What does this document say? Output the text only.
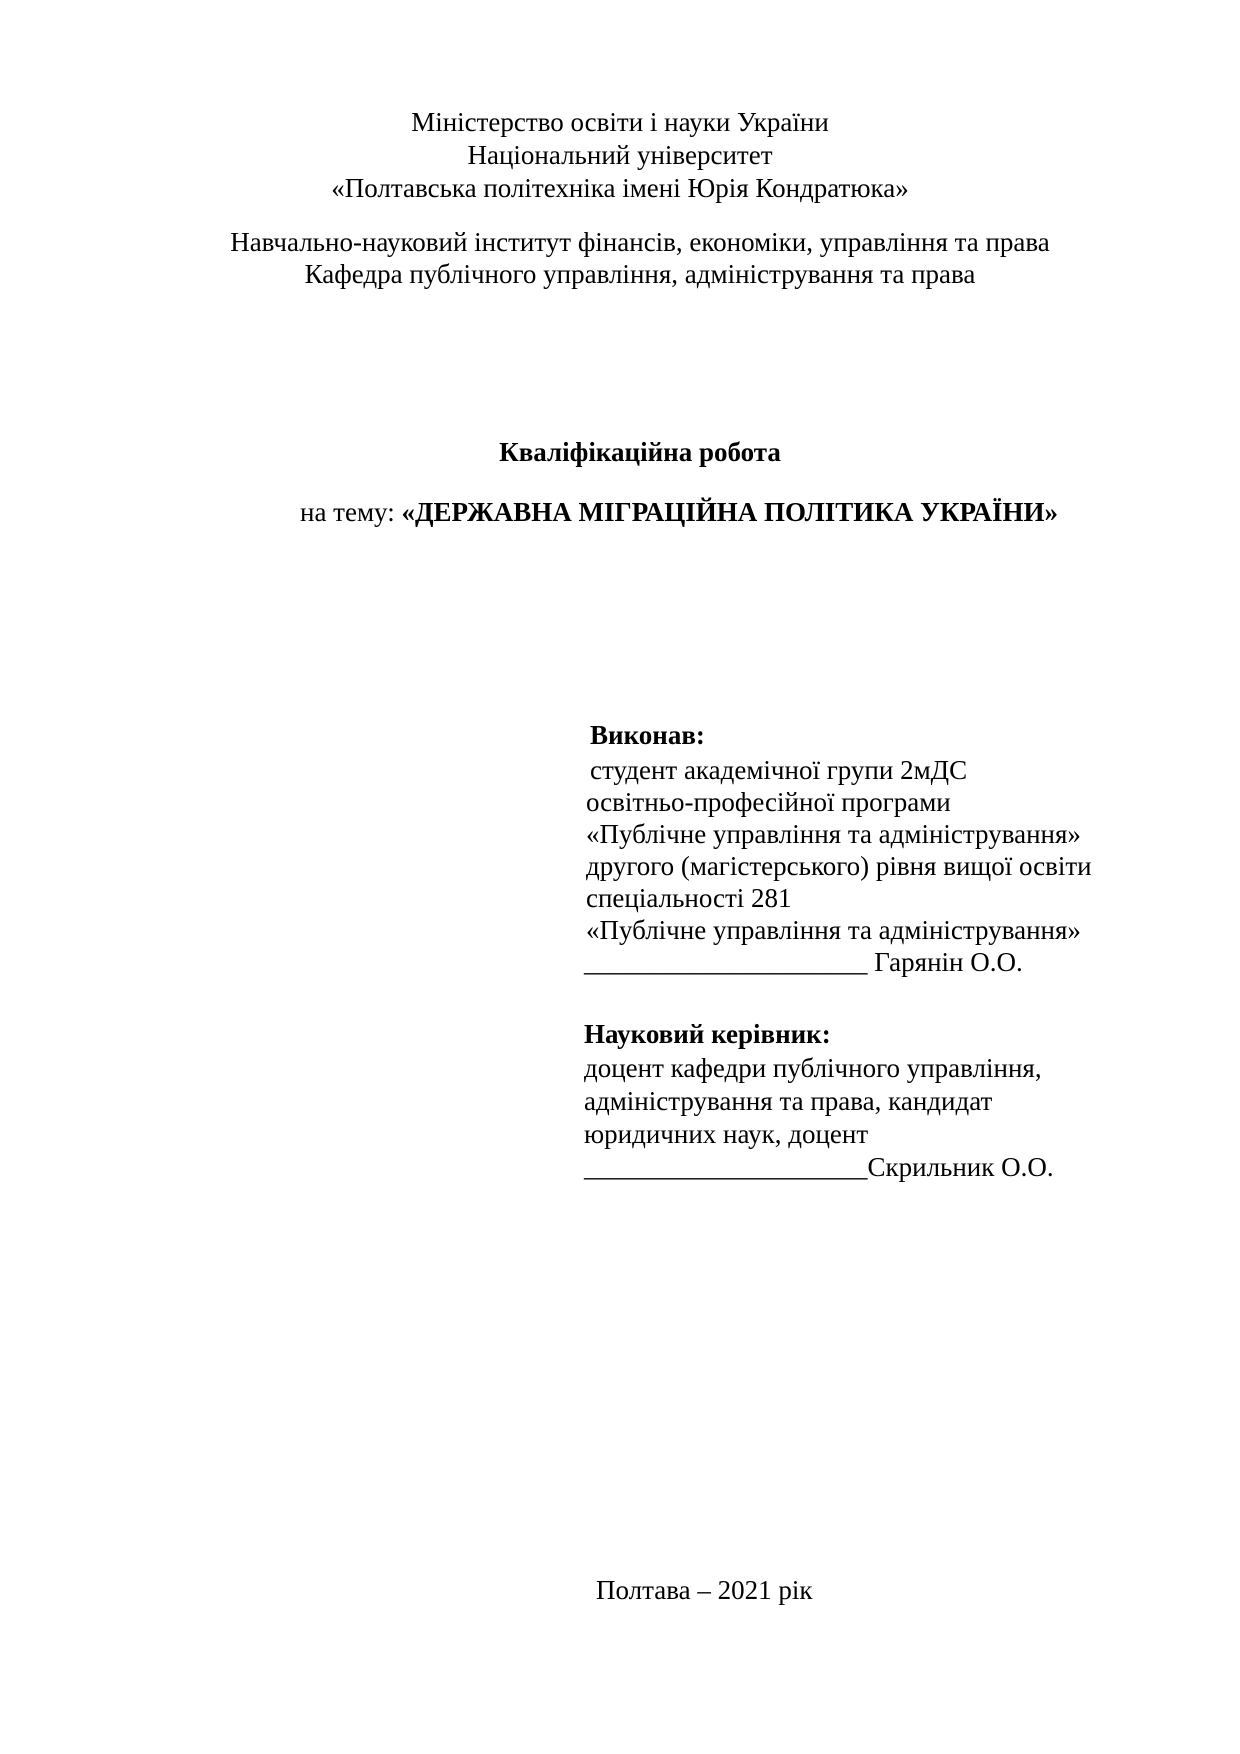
Міністерство освіти і науки України
Національний університет
«Полтавська політехніка імені Юрія Кондратюка»
Навчально-науковий інститут фінансів, економіки, управління та права
Кафедра публічного управління, адміністрування та права
Кваліфікаційна робота
на тему: «ДЕРЖАВНА МІГРАЦІЙНА ПОЛІТИКА УКРАЇНИ»
Виконав:
студент академічної групи 2мДС
освітньо-професійної програми
«Публічне управління та адміністрування»
другого (магістерського) рівня вищої освіти
спеціальності 281
«Публічне управління та адміністрування»
_____________________ Гарянін О.О.
Науковий керівник:
доцент кафедри публічного управління,
адміністрування та права, кандидат
юридичних наук, доцент
_____________________Скрильник О.О.
Полтава – 2021 рік
